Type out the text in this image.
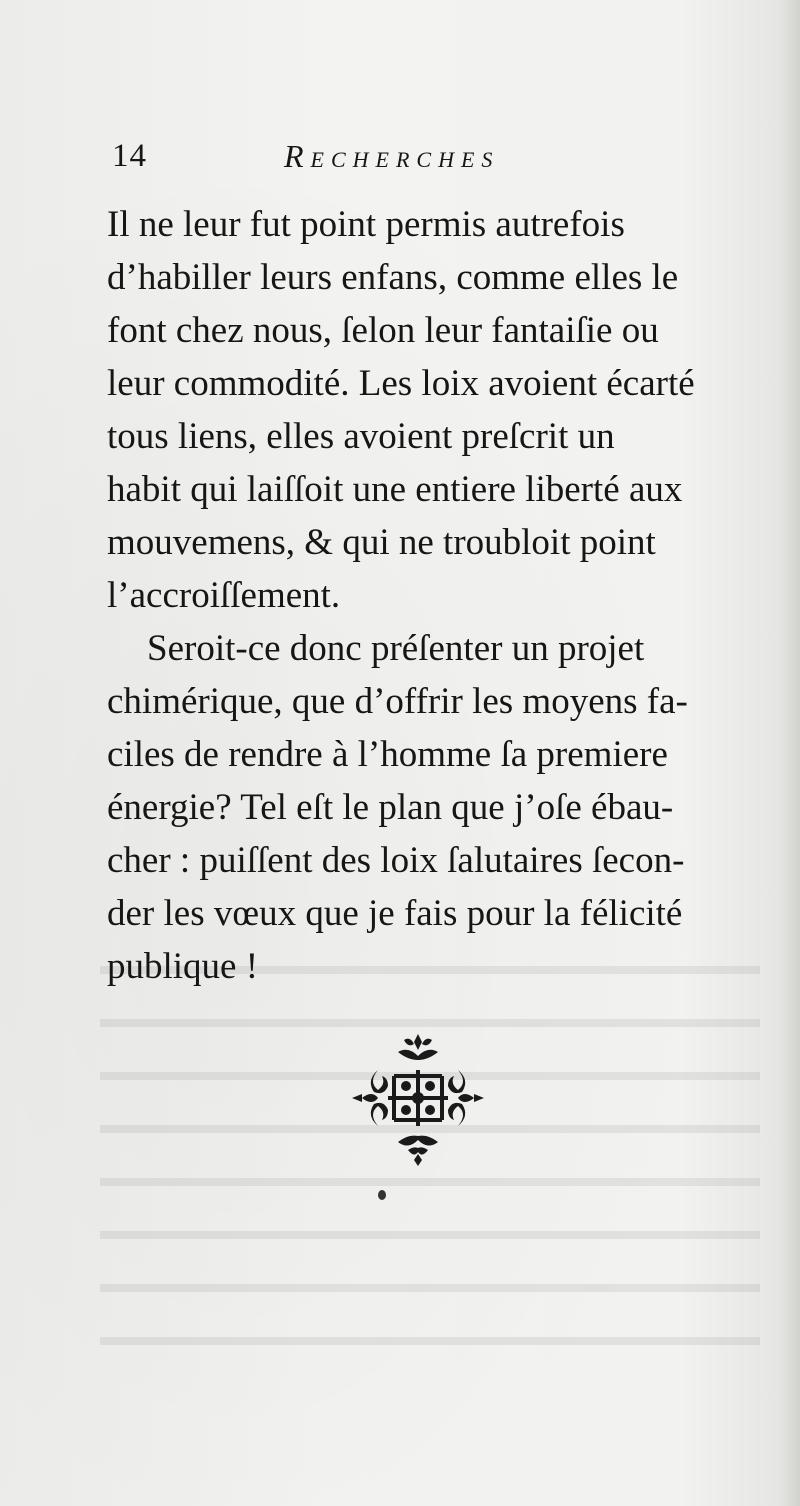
14	Recherches

Il ne leur fut point permis autrefois
d’habiller leurs enfans, comme elles le
font chez nous, ſelon leur fantaiſie ou
leur commodité. Les loix avoient écarté
tous liens, elles avoient preſcrit un
habit qui laiſſoit une entiere liberté aux
mouvemens, & qui ne troubloit point
l’accroiſſement.

Seroit-ce donc préſenter un projet
chimérique, que d’offrir les moyens fa-
ciles de rendre à l’homme ſa premiere
énergie? Tel eſt le plan que j’oſe ébau-
cher : puiſſent des loix ſalutaires ſecon-
der les vœux que je fais pour la félicité
publique !
